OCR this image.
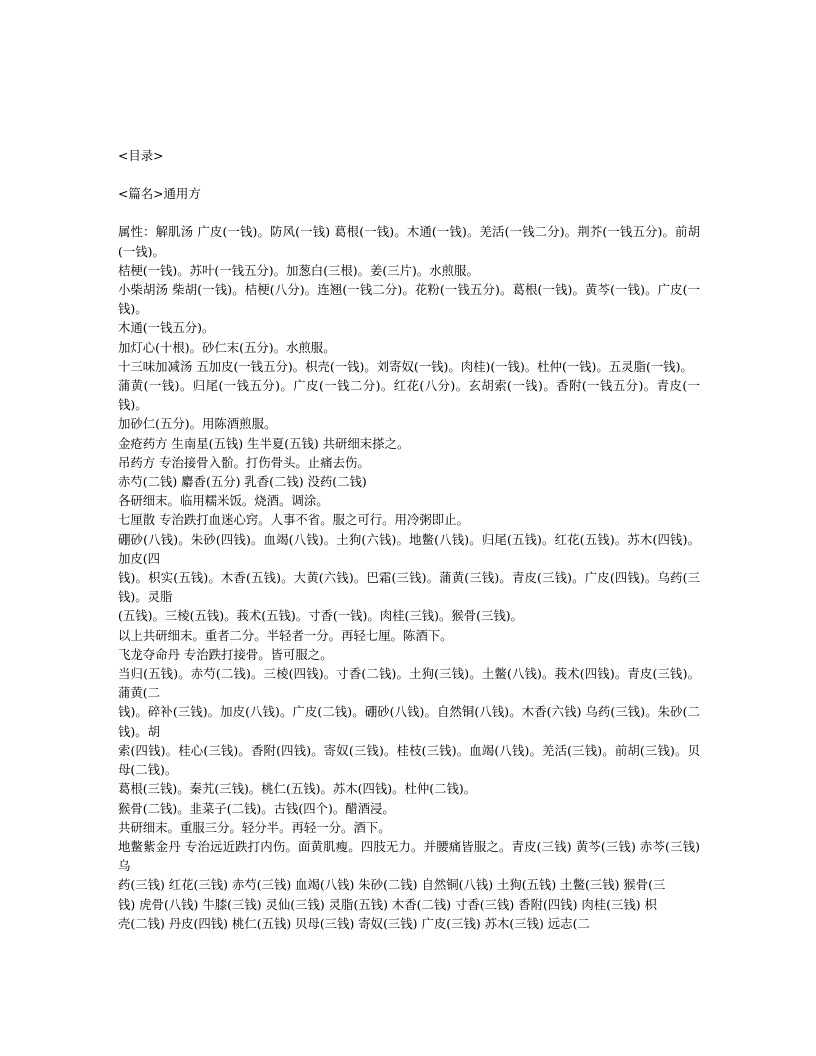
<目录>
<篇名>通用方
属性：解肌汤 广皮(一钱)。防风(一钱) 葛根(一钱)。木通(一钱)。羌活(一钱二分)。荆芥(一钱五分)。前胡(一钱)。
桔梗(一钱)。苏叶(一钱五分)。加葱白(三根)。姜(三片)。水煎服。
小柴胡汤 柴胡(一钱)。桔梗(八分)。连翘(一钱二分)。花粉(一钱五分)。葛根(一钱)。黄芩(一钱)。广皮(一钱)。
木通(一钱五分)。
加灯心(十根)。砂仁末(五分)。水煎服。
十三味加减汤 五加皮(一钱五分)。枳壳(一钱)。刘寄奴(一钱)。肉桂)(一钱)。杜仲(一钱)。五灵脂(一钱)。
蒲黄(一钱)。归尾(一钱五分)。广皮(一钱二分)。红花(八分)。玄胡索(一钱)。香附(一钱五分)。青皮(一钱)。
加砂仁(五分)。用陈酒煎服。
金疮药方 生南星(五钱) 生半夏(五钱) 共研细末搽之。
吊药方 专治接骨入骱。打伤骨头。止痛去伤。
赤芍(二钱) 麝香(五分) 乳香(二钱) 没药(二钱)
各研细末。临用糯米饭。烧酒。调涂。
七厘散 专治跌打血迷心窍。人事不省。服之可行。用冷粥即止。
硼砂(八钱)。朱砂(四钱)。血竭(八钱)。土狗(六钱)。地鳖(八钱)。归尾(五钱)。红花(五钱)。苏木(四钱)。加皮(四
钱)。枳实(五钱)。木香(五钱)。大黄(六钱)。巴霜(三钱)。蒲黄(三钱)。青皮(三钱)。广皮(四钱)。乌药(三钱)。灵脂
(五钱)。三棱(五钱)。莪术(五钱)。寸香(一钱)。肉桂(三钱)。猴骨(三钱)。
以上共研细末。重者二分。半轻者一分。再轻七厘。陈酒下。
飞龙夺命丹 专治跌打接骨。皆可服之。
当归(五钱)。赤芍(二钱)。三棱(四钱)。寸香(二钱)。土狗(三钱)。土鳖(八钱)。莪术(四钱)。青皮(三钱)。蒲黄(二
钱)。碎补(三钱)。加皮(八钱)。广皮(二钱)。硼砂(八钱)。自然铜(八钱)。木香(六钱) 乌药(三钱)。朱砂(二钱)。胡
索(四钱)。桂心(三钱)。香附(四钱)。寄奴(三钱)。桂枝(三钱)。血竭(八钱)。羌活(三钱)。前胡(三钱)。贝母(二钱)。
葛根(三钱)。秦艽(三钱)。桃仁(五钱)。苏木(四钱)。杜仲(二钱)。
猴骨(二钱)。韭菜子(二钱)。古钱(四个)。醋酒浸。
共研细末。重服三分。轻分半。再轻一分。酒下。
地鳖紫金丹 专治远近跌打内伤。面黄肌瘦。四肢无力。并腰痛皆服之。青皮(三钱) 黄芩(三钱) 赤芩(三钱) 乌
药(三钱) 红花(三钱) 赤芍(三钱) 血竭(八钱) 朱砂(二钱) 自然铜(八钱) 土狗(五钱) 土鳖(三钱) 猴骨(三
钱) 虎骨(八钱) 牛膝(三钱) 灵仙(三钱) 灵脂(五钱) 木香(二钱) 寸香(三钱) 香附(四钱) 肉桂(三钱) 枳
壳(二钱) 丹皮(四钱) 桃仁(五钱) 贝母(三钱) 寄奴(三钱) 广皮(三钱) 苏木(三钱) 远志(二
